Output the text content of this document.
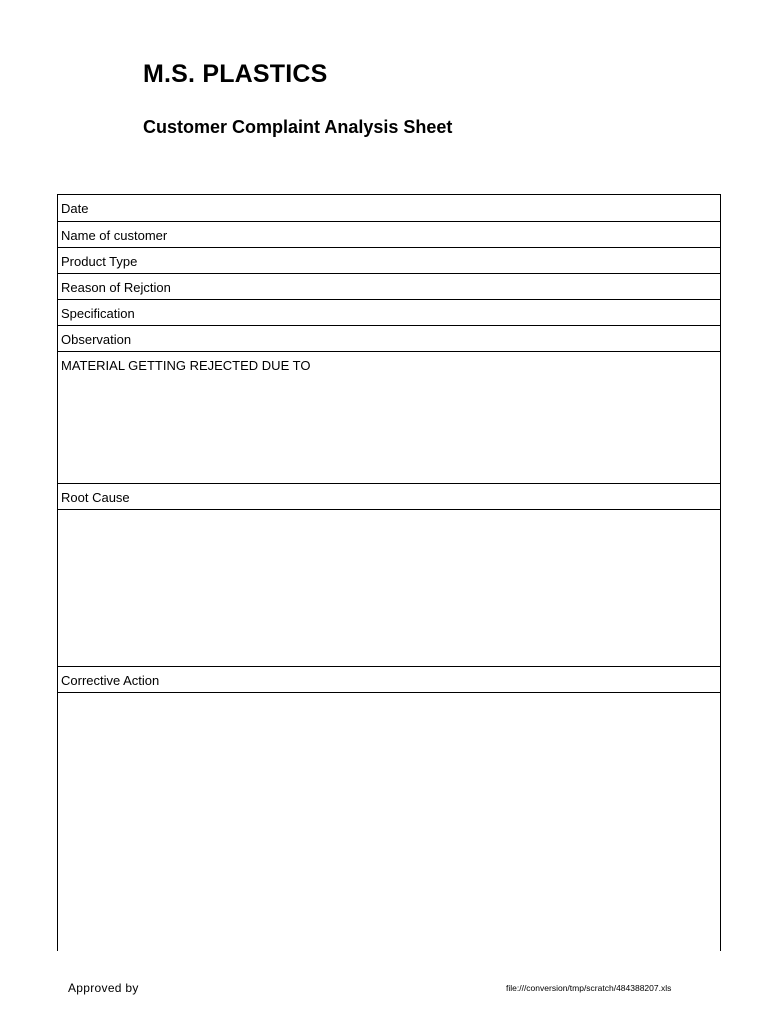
M.S. PLASTICS
Customer Complaint Analysis Sheet
Date
Name of customer
Product Type
Reason of Rejction
Specification
Observation
MATERIAL GETTING REJECTED DUE TO
Root Cause
Corrective Action
Approved by	file:///conversion/tmp/scratch/484388207.xls
